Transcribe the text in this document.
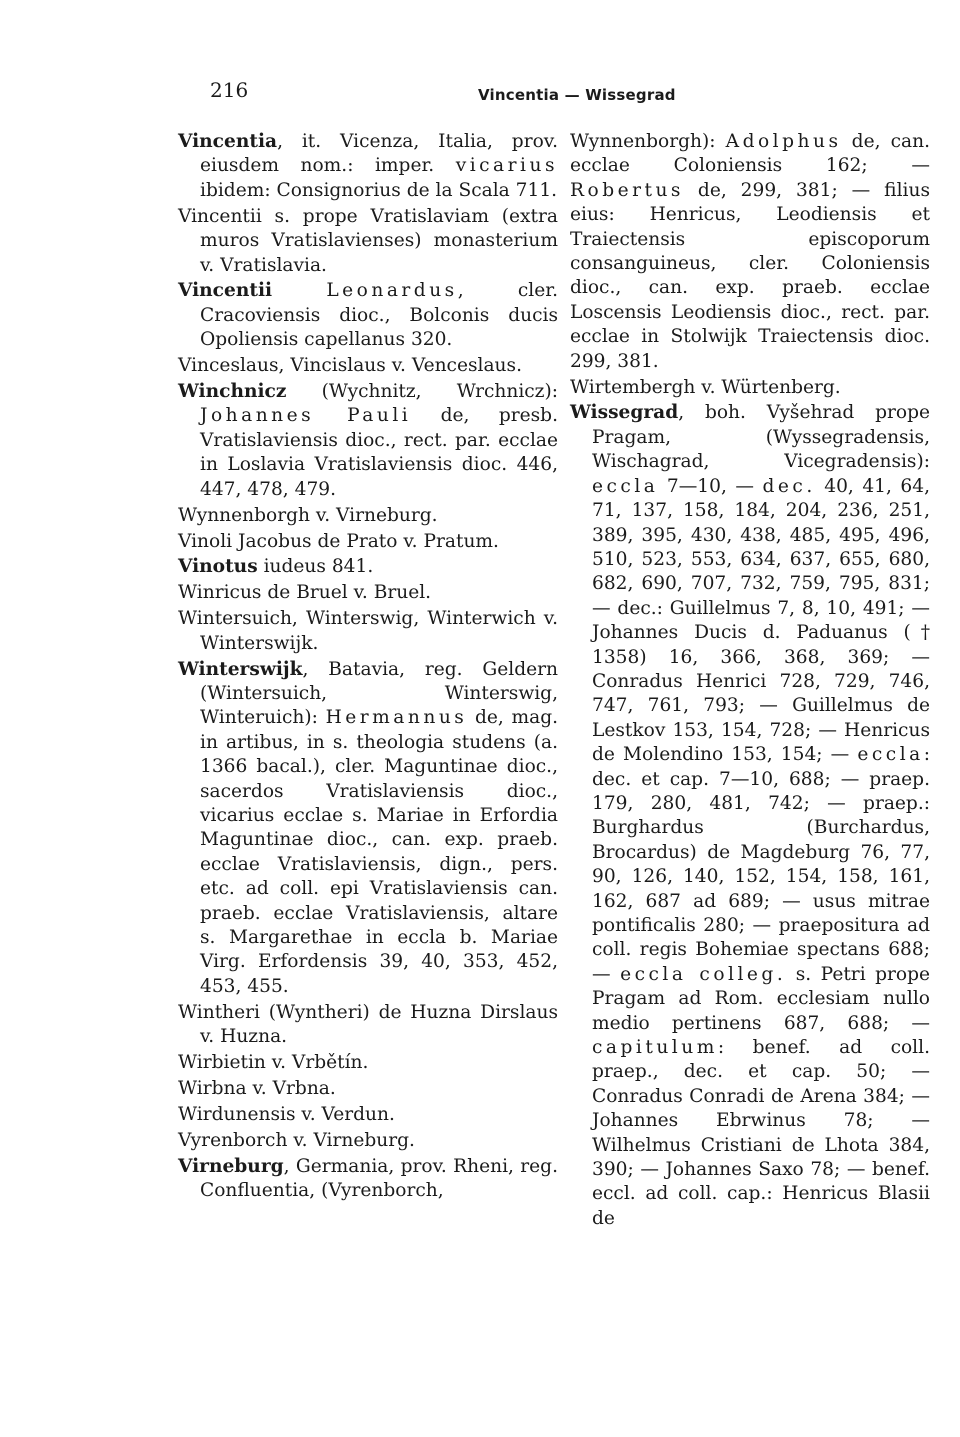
216	Vincentia — Wissegrad

Vincentia, it. Vicenza, Italia, prov. eiusdem nom.: imper. vicarius ibidem: Consignorius de la Scala 711.

Vincentii s. prope Vratislaviam (extra muros Vratislavienses) monasterium v. Vratislavia.

Vincentii	Leonardus, cler. Cracoviensis dioc., Bolconis ducis Opoliensis capellanus 320.

Vinceslaus, Vincislaus v. Venceslaus.

Winchnicz (Wychnitz, Wrchnicz): Johannes Pauli de, presb. Vratislaviensis dioc., rect. par. ecclae in Loslavia Vratislaviensis dioc. 446, 447, 478, 479.

Wynnenborgh v. Virneburg.

Vinoli Jacobus de Prato v. Pratum.

Vinotus iudeus 841.

Winricus de Bruel v. Bruel.

Wintersuich, Winterswig, Winterwich v. Winterswijk.

Winterswijk, Batavia, reg. Geldern (Wintersuich, Winterswig, Winteruich): Hermannus de, mag. in artibus, in s. theologia studens (a. 1366 bacal.), cler. Maguntinae dioc., sacerdos Vratislaviensis dioc., vicarius ecclae s. Mariae in Erfordia Maguntinae dioc., can. exp. praeb. ecclae Vratislaviensis, dign., pers. etc. ad coll. epi Vratislaviensis can. praeb. ecclae Vratislaviensis, altare s. Margarethae in eccla b. Mariae Virg. Erfordensis 39, 40, 353, 452, 453, 455.

Wintheri (Wyntheri) de Huzna Dirslaus v. Huzna.

Wirbietin v. Vrbětín.

Wirbna v. Vrbna.

Wirdunensis v. Verdun.

Vyrenborch v. Virneburg.

Virneburg, Germania, prov. Rheni, reg. Confluentia, (Vyrenborch,

Wynnenborgh): Adolphus de, can. ecclae Coloniensis 162; — Robertus de, 299, 381; — filius eius: Henricus, Leodiensis et Traiectensis episcoporum consanguineus, cler. Coloniensis dioc., can. exp. praeb. ecclae Loscensis Leodiensis dioc., rect. par. ecclae in Stolwijk Traiectensis dioc. 299, 381.

Wirtembergh v. Würtenberg.

Wissegrad, boh. Vyšehrad prope Pragam, (Wyssegradensis, Wischagrad, Vicegradensis): eccla 7—10, — dec. 40, 41, 64, 71, 137, 158, 184, 204, 236, 251, 389, 395, 430, 438, 485, 495, 496, 510, 523, 553, 634, 637, 655, 680, 682, 690, 707, 732, 759, 795, 831; — dec.: Guillelmus 7, 8, 10, 491; — Johannes Ducis d. Paduanus († 1358) 16, 366, 368, 369; — Conradus Henrici 728, 729, 746, 747, 761, 793; — Guillelmus de Lestkov 153, 154, 728; — Henricus de Molendino 153, 154; — eccla: dec. et cap. 7—10, 688; — praep. 179, 280, 481, 742; — praep.: Burghardus (Burchardus, Brocardus) de Magdeburg 76, 77, 90, 126, 140, 152, 154, 158, 161, 162, 687 ad 689; — usus mitrae pontificalis 280; — praepositura ad coll. regis Bohemiae spectans 688; — eccla colleg. s. Petri prope Pragam ad Rom. ecclesiam nullo medio pertinens 687, 688; — capitulum: benef. ad coll. praep., dec. et cap. 50; — Conradus Conradi de Arena 384; — Johannes Ebrwinus 78; — Wilhelmus Cristiani de Lhota 384, 390; — Johannes Saxo 78; — benef. eccl. ad coll. cap.: Henricus Blasii de
